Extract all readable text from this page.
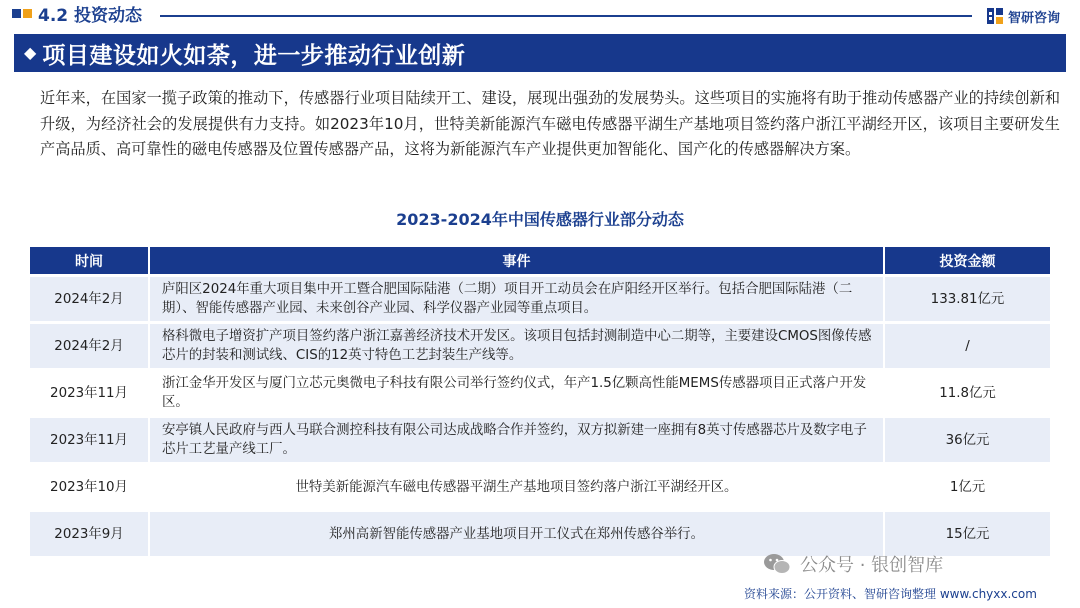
4.2 投资动态	智研咨询
◆ 项目建设如火如荼，进一步推动行业创新

近年来，在国家一揽子政策的推动下，传感器行业项目陆续开工、建设，展现出强劲的发展势头。这些项目的实施将有助于推动传感器产业的持续创新和升级，为经济社会的发展提供有力支持。如2023年10月，世特美新能源汽车磁电传感器平湖生产基地项目签约落户浙江平湖经开区，该项目主要研发生产高品质、高可靠性的磁电传感器及位置传感器产品，这将为新能源汽车产业提供更加智能化、国产化的传感器解决方案。

2023-2024年中国传感器行业部分动态
时间	事件	投资金额
2024年2月	庐阳区2024年重大项目集中开工暨合肥国际陆港（二期）项目开工动员会在庐阳经开区举行。包括合肥国际陆港（二期）、智能传感器产业园、未来创谷产业园、科学仪器产业园等重点项目。	133.81亿元
2024年2月	格科微电子增资扩产项目签约落户浙江嘉善经济技术开发区。该项目包括封测制造中心二期等，主要建设CMOS图像传感芯片的封装和测试线、CIS的12英寸特色工艺封装生产线等。	/
2023年11月	浙江金华开发区与厦门立芯元奥微电子科技有限公司举行签约仪式，年产1.5亿颗高性能MEMS传感器项目正式落户开发区。	11.8亿元
2023年11月	安亭镇人民政府与西人马联合测控科技有限公司达成战略合作并签约，双方拟新建一座拥有8英寸传感器芯片及数字电子芯片工艺量产线工厂。	36亿元
2023年10月	世特美新能源汽车磁电传感器平湖生产基地项目签约落户浙江平湖经开区。	1亿元
2023年9月	郑州高新智能传感器产业基地项目开工仪式在郑州传感谷举行。	15亿元
公众号 · 银创智库
资料来源：公开资料、智研咨询整理 www.chyxx.com
